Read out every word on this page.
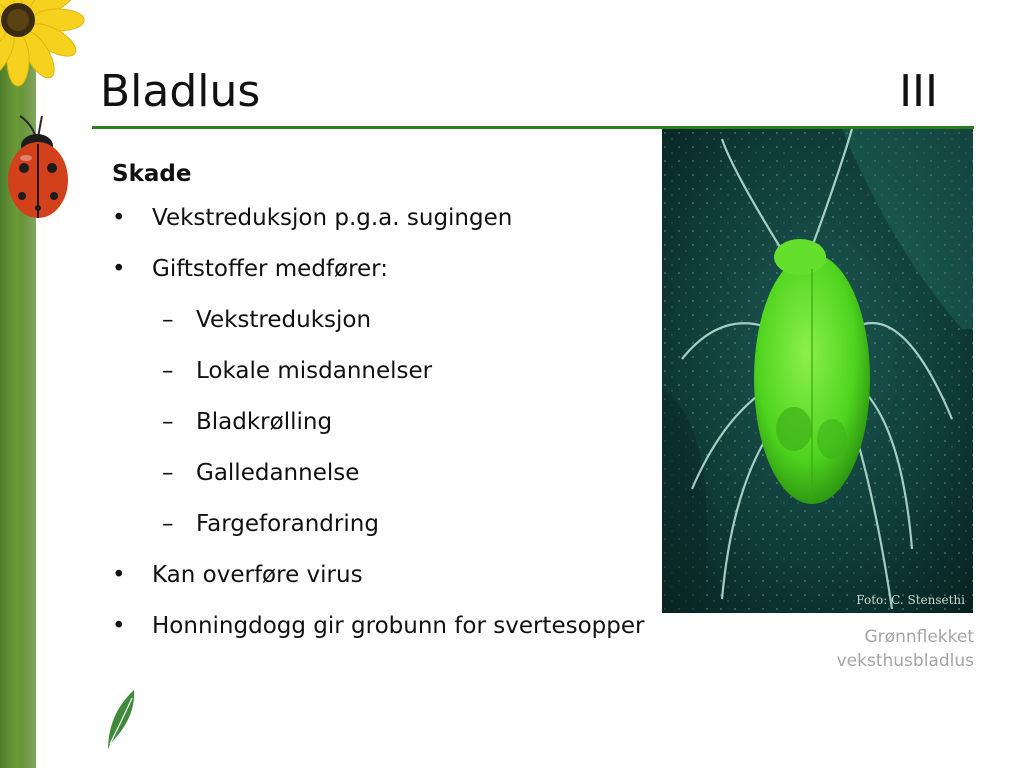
Bladlus	III
Skade
•	Vekstreduksjon p.g.a. sugingen
•	Giftstoffer medfører:
– Vekstreduksjon
– Lokale misdannelser
– Bladkrølling
– Galledannelse
– Fargeforandring
•	Kan overføre virus
•	Honningdogg gir grobunn for svertesopper
Foto: C. Stensethi
Grønnflekket
veksthusbladlus
